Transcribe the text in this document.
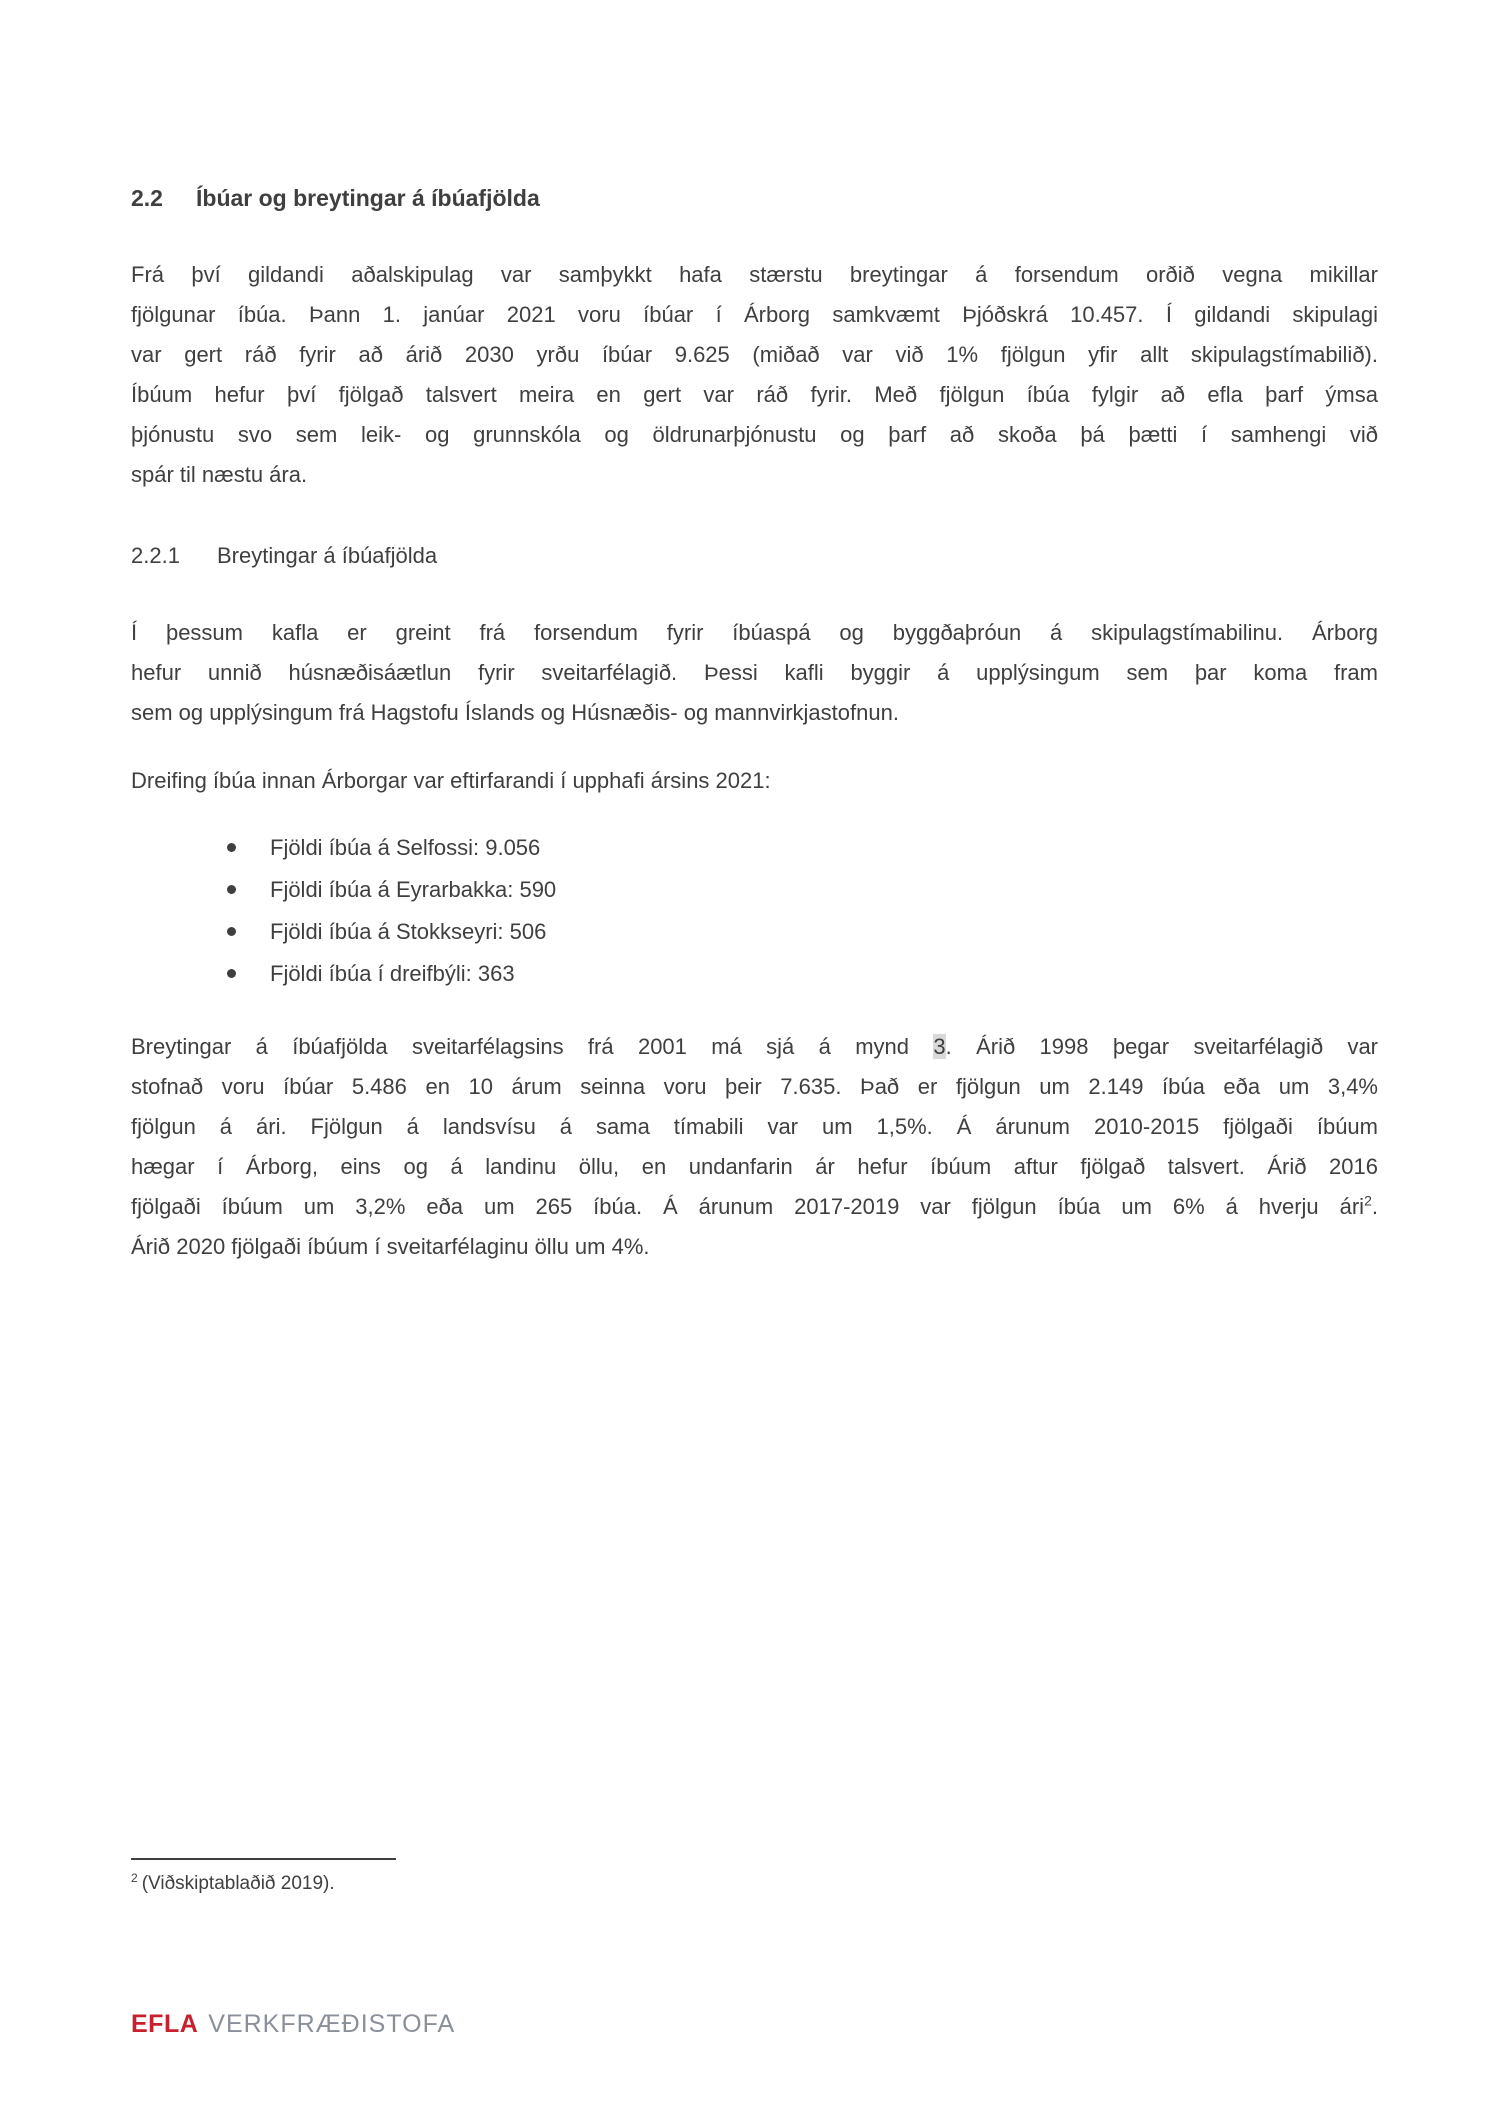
2.2	Íbúar og breytingar á íbúafjölda
Frá því gildandi aðalskipulag var samþykkt hafa stærstu breytingar á forsendum orðið vegna mikillar
fjölgunar íbúa. Þann 1. janúar 2021 voru íbúar í Árborg samkvæmt Þjóðskrá 10.457. Í gildandi skipulagi
var gert ráð fyrir að árið 2030 yrðu íbúar 9.625 (miðað var við 1% fjölgun yfir allt skipulagstímabilið).
Íbúum hefur því fjölgað talsvert meira en gert var ráð fyrir. Með fjölgun íbúa fylgir að efla þarf ýmsa
þjónustu svo sem leik- og grunnskóla og öldrunarþjónustu og þarf að skoða þá þætti í samhengi við
spár til næstu ára.
2.2.1	Breytingar á íbúafjölda
Í þessum kafla er greint frá forsendum fyrir íbúaspá og byggðaþróun á skipulagstímabilinu. Árborg
hefur unnið húsnæðisáætlun fyrir sveitarfélagið. Þessi kafli byggir á upplýsingum sem þar koma fram
sem og upplýsingum frá Hagstofu Íslands og Húsnæðis- og mannvirkjastofnun.
Dreifing íbúa innan Árborgar var eftirfarandi í upphafi ársins 2021:
Fjöldi íbúa á Selfossi: 9.056
Fjöldi íbúa á Eyrarbakka: 590
Fjöldi íbúa á Stokkseyri: 506
Fjöldi íbúa í dreifbýli: 363
Breytingar á íbúafjölda sveitarfélagsins frá 2001 má sjá á mynd 3. Árið 1998 þegar sveitarfélagið var
stofnað voru íbúar 5.486 en 10 árum seinna voru þeir 7.635. Það er fjölgun um 2.149 íbúa eða um 3,4%
fjölgun á ári. Fjölgun á landsvísu á sama tímabili var um 1,5%. Á árunum 2010-2015 fjölgaði íbúum
hægar í Árborg, eins og á landinu öllu, en undanfarin ár hefur íbúum aftur fjölgað talsvert. Árið 2016
fjölgaði íbúum um 3,2% eða um 265 íbúa. Á árunum 2017-2019 var fjölgun íbúa um 6% á hverju ári$^2$.
Árið 2020 fjölgaði íbúum í sveitarfélaginu öllu um 4%.
$^2$ (Viðskiptablaðið 2019).
EFLA VERKFRÆÐISTOFA
